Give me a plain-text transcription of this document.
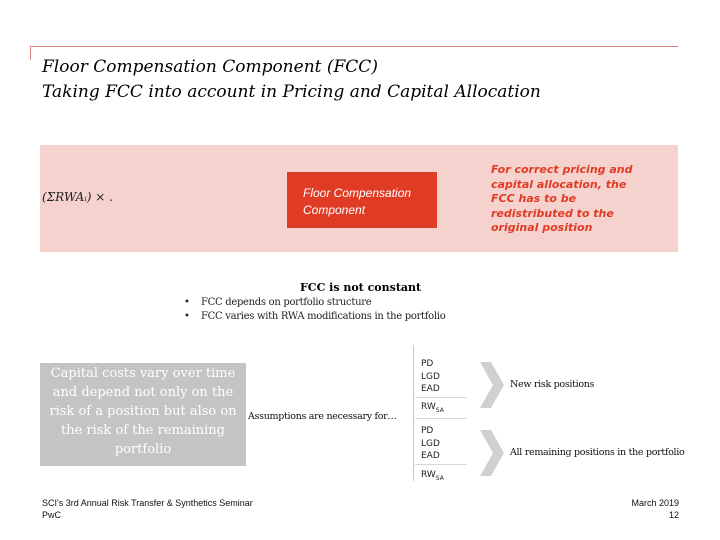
Floor Compensation Component (FCC)
Taking FCC into account in Pricing and Capital Allocation
(ΣRWAᵢ) × .	Floor Compensation
Component
For correct pricing and
capital allocation, the
FCC has to be
redistributed to the
original position
FCC is not constant
• FCC depends on portfolio structure
• FCC varies with RWA modifications in the portfolio
Capital costs vary over time
and depend not only on the
risk of a position but also on
the risk of the remaining
portfolio
Assumptions are necessary for…
PD
LGD
EAD
$RW_{SA}$
PD
LGD
EAD
$RW_{SA}$
New risk positions
All remaining positions in the portfolio
SCI's 3rd Annual Risk Transfer & Synthetics Seminar
PwC
March 2019
12
